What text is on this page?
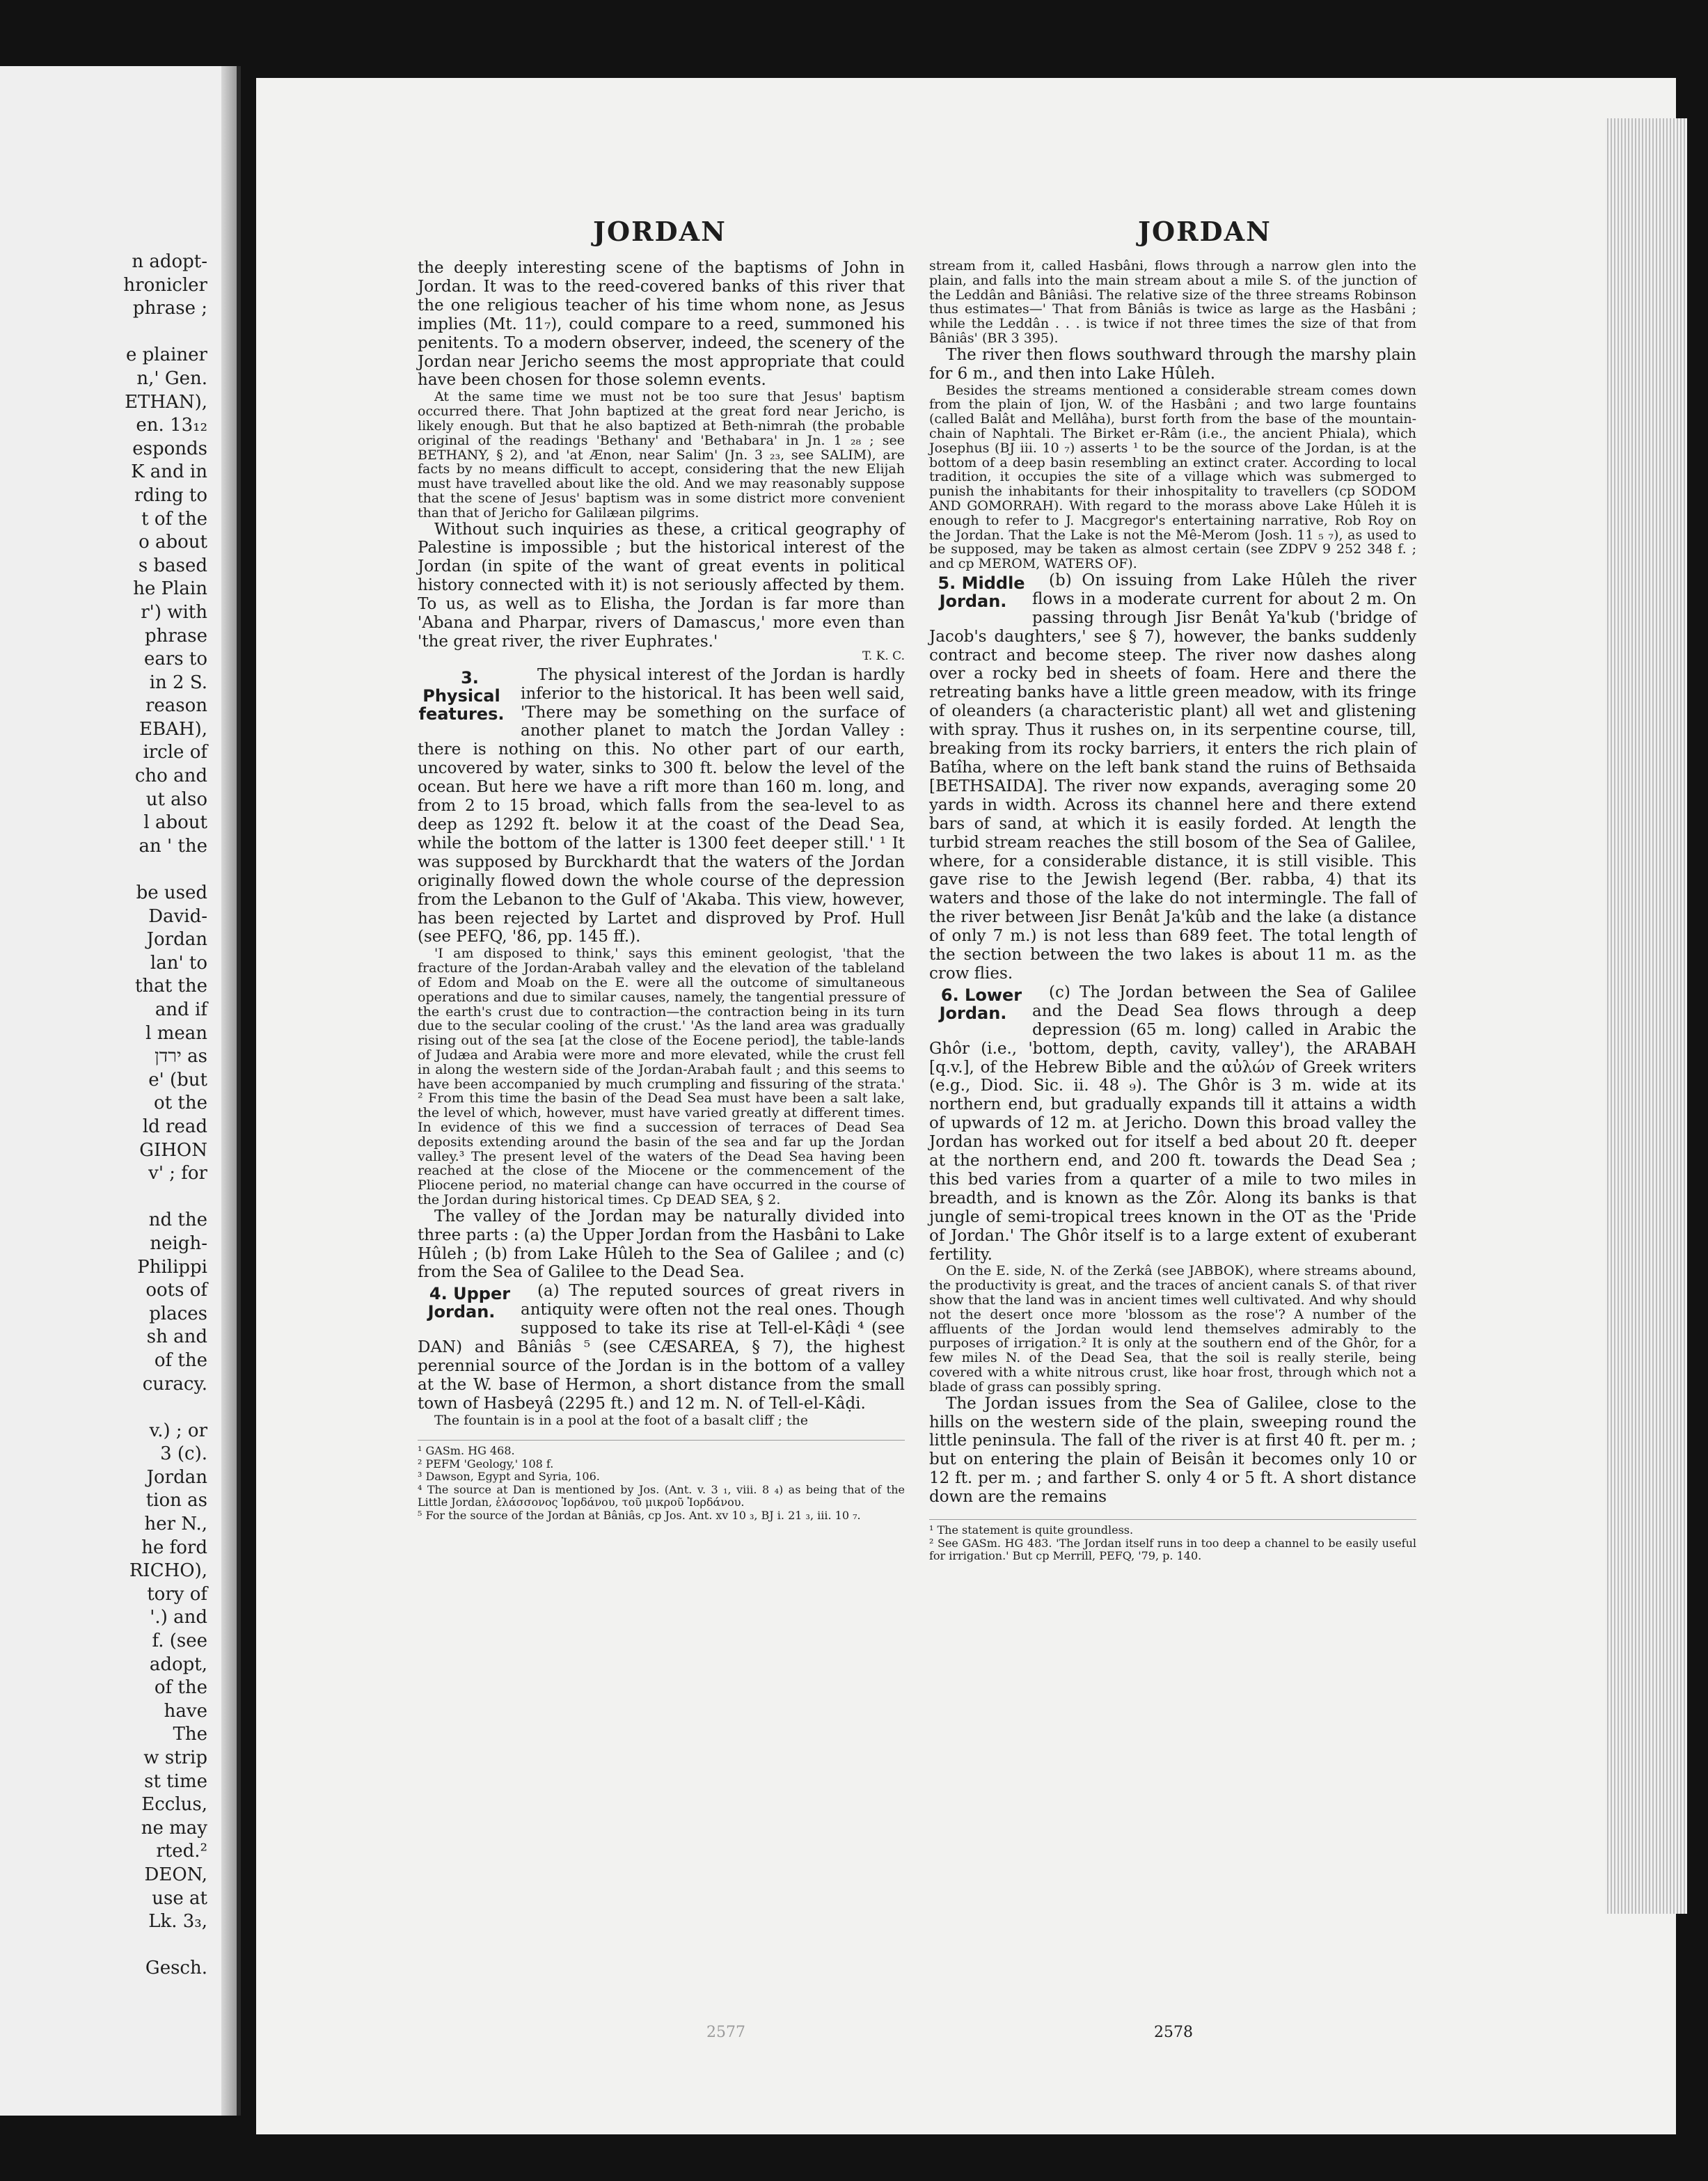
n adopt-
hronicler
phrase ;

e plainer
n,' Gen.
ETHAN),
en. 13₁₂
esponds
K and in
rding to
t of the
o about
s based
he Plain
r') with
phrase
ears to
in 2 S.
reason
EBAH),
ircle of
cho and
ut also
l about
an ' the

be used
David-
Jordan
lan' to
that the
and if
l mean
ירדן as
e' (but
ot the
ld read
GIHON
v' ; for

nd the
neigh-
Philippi
oots of
places
sh and
of the
curacy.

v.) ; or
3 (c).
Jordan
tion as
her N.,
he ford
RICHO),
tory of
'.) and
f. (see
adopt,
of the
have
The
w strip
st time
Ecclus,
ne may
rted.²
DEON,
use at
Lk. 3₃,

Gesch.
JORDAN	JORDAN

the deeply interesting scene of the baptisms of John in Jordan. It was to the reed-covered banks of this river that the one religious teacher of his time whom none, as Jesus implies (Mt. 11₇), could compare to a reed, summoned his penitents. To a modern observer, indeed, the scenery of the Jordan near Jericho seems the most appropriate that could have been chosen for those solemn events.

At the same time we must not be too sure that Jesus' baptism occurred there. That John baptized at the great ford near Jericho, is likely enough. But that he also baptized at Beth-nimrah (the probable original of the readings 'Bethany' and 'Bethabara' in Jn. 1 ₂₈ ; see BETHANY, § 2), and 'at Ænon, near Salim' (Jn. 3 ₂₃, see SALIM), are facts by no means difficult to accept, considering that the new Elijah must have travelled about like the old. And we may reasonably suppose that the scene of Jesus' baptism was in some district more convenient than that of Jericho for Galilæan pilgrims.

Without such inquiries as these, a critical geography of Palestine is impossible ; but the historical interest of the Jordan (in spite of the want of great events in political history connected with it) is not seriously affected by them. To us, as well as to Elisha, the Jordan is far more than 'Abana and Pharpar, rivers of Damascus,' more even than 'the great river, the river Euphrates.'

T. K. C.

3. Physical features.
The physical interest of the Jordan is hardly inferior to the historical. It has been well said, 'There may be something on the surface of another planet to match the Jordan Valley : there is nothing on this. No other part of our earth, uncovered by water, sinks to 300 ft. below the level of the ocean. But here we have a rift more than 160 m. long, and from 2 to 15 broad, which falls from the sea-level to as deep as 1292 ft. below it at the coast of the Dead Sea, while the bottom of the latter is 1300 feet deeper still.' ¹ It was supposed by Burckhardt that the waters of the Jordan originally flowed down the whole course of the depression from the Lebanon to the Gulf of 'Akaba. This view, however, has been rejected by Lartet and disproved by Prof. Hull (see PEFQ, '86, pp. 145 ff.).

'I am disposed to think,' says this eminent geologist, 'that the fracture of the Jordan-Arabah valley and the elevation of the tableland of Edom and Moab on the E. were all the outcome of simultaneous operations and due to similar causes, namely, the tangential pressure of the earth's crust due to contraction—the contraction being in its turn due to the secular cooling of the crust.' 'As the land area was gradually rising out of the sea [at the close of the Eocene period], the table-lands of Judæa and Arabia were more and more elevated, while the crust fell in along the western side of the Jordan-Arabah fault ; and this seems to have been accompanied by much crumpling and fissuring of the strata.' ² From this time the basin of the Dead Sea must have been a salt lake, the level of which, however, must have varied greatly at different times. In evidence of this we find a succession of terraces of Dead Sea deposits extending around the basin of the sea and far up the Jordan valley.³ The present level of the waters of the Dead Sea having been reached at the close of the Miocene or the commencement of the Pliocene period, no material change can have occurred in the course of the Jordan during historical times. Cp DEAD SEA, § 2.

The valley of the Jordan may be naturally divided into three parts : (a) the Upper Jordan from the Hasbâni to Lake Hûleh ; (b) from Lake Hûleh to the Sea of Galilee ; and (c) from the Sea of Galilee to the Dead Sea.

4. Upper Jordan.
(a) The reputed sources of great rivers in antiquity were often not the real ones. Though supposed to take its rise at Tell-el-Kâḍi ⁴ (see DAN) and Bâniâs ⁵ (see CÆSAREA, § 7), the highest perennial source of the Jordan is in the bottom of a valley at the W. base of Hermon, a short distance from the small town of Hasbeyâ (2295 ft.) and 12 m. N. of Tell-el-Kâḍi.

The fountain is in a pool at the foot of a basalt cliff ; the

¹ GASm. HG 468.

² PEFM 'Geology,' 108 f.

³ Dawson, Egypt and Syria, 106.

⁴ The source at Dan is mentioned by Jos. (Ant. v. 3 ₁, viii. 8 ₄) as being that of the Little Jordan, ἐλάσσονος Ἰορδάνου, τοῦ μικροῦ Ἰορδάνου.

⁵ For the source of the Jordan at Bâniâs, cp Jos. Ant. xv 10 ₃, BJ i. 21 ₃, iii. 10 ₇.

stream from it, called Hasbâni, flows through a narrow glen into the plain, and falls into the main stream about a mile S. of the junction of the Leddân and Bâniâsi. The relative size of the three streams Robinson thus estimates—' That from Bâniâs is twice as large as the Hasbâni ; while the Leddân . . . is twice if not three times the size of that from Bâniâs' (BR 3 395).

The river then flows southward through the marshy plain for 6 m., and then into Lake Hûleh.

Besides the streams mentioned a considerable stream comes down from the plain of Ijon, W. of the Hasbâni ; and two large fountains (called Balât and Mellâha), burst forth from the base of the mountain-chain of Naphtali. The Birket er-Râm (i.e., the ancient Phiala), which Josephus (BJ iii. 10 ₇) asserts ¹ to be the source of the Jordan, is at the bottom of a deep basin resembling an extinct crater. According to local tradition, it occupies the site of a village which was submerged to punish the inhabitants for their inhospitality to travellers (cp SODOM AND GOMORRAH). With regard to the morass above Lake Hûleh it is enough to refer to J. Macgregor's entertaining narrative, Rob Roy on the Jordan. That the Lake is not the Mê-Merom (Josh. 11 ₅ ₇), as used to be supposed, may be taken as almost certain (see ZDPV 9 252 348 f. ; and cp MEROM, WATERS OF).

5. Middle Jordan.
(b) On issuing from Lake Hûleh the river flows in a moderate current for about 2 m. On passing through Jisr Benât Ya'kub ('bridge of Jacob's daughters,' see § 7), however, the banks suddenly contract and become steep. The river now dashes along over a rocky bed in sheets of foam. Here and there the retreating banks have a little green meadow, with its fringe of oleanders (a characteristic plant) all wet and glistening with spray. Thus it rushes on, in its serpentine course, till, breaking from its rocky barriers, it enters the rich plain of Batîha, where on the left bank stand the ruins of Bethsaida [BETHSAIDA]. The river now expands, averaging some 20 yards in width. Across its channel here and there extend bars of sand, at which it is easily forded. At length the turbid stream reaches the still bosom of the Sea of Galilee, where, for a considerable distance, it is still visible. This gave rise to the Jewish legend (Ber. rabba, 4) that its waters and those of the lake do not intermingle. The fall of the river between Jisr Benât Ja'kûb and the lake (a distance of only 7 m.) is not less than 689 feet. The total length of the section between the two lakes is about 11 m. as the crow flies.

6. Lower Jordan.
(c) The Jordan between the Sea of Galilee and the Dead Sea flows through a deep depression (65 m. long) called in Arabic the Ghôr (i.e., 'bottom, depth, cavity, valley'), the ARABAH [q.v.], of the Hebrew Bible and the αὐλών of Greek writers (e.g., Diod. Sic. ii. 48 ₉). The Ghôr is 3 m. wide at its northern end, but gradually expands till it attains a width of upwards of 12 m. at Jericho. Down this broad valley the Jordan has worked out for itself a bed about 20 ft. deeper at the northern end, and 200 ft. towards the Dead Sea ; this bed varies from a quarter of a mile to two miles in breadth, and is known as the Zôr. Along its banks is that jungle of semi-tropical trees known in the OT as the 'Pride of Jordan.' The Ghôr itself is to a large extent of exuberant fertility.

On the E. side, N. of the Zerkâ (see JABBOK), where streams abound, the productivity is great, and the traces of ancient canals S. of that river show that the land was in ancient times well cultivated. And why should not the desert once more 'blossom as the rose'? A number of the affluents of the Jordan would lend themselves admirably to the purposes of irrigation.² It is only at the southern end of the Ghôr, for a few miles N. of the Dead Sea, that the soil is really sterile, being covered with a white nitrous crust, like hoar frost, through which not a blade of grass can possibly spring.

The Jordan issues from the Sea of Galilee, close to the hills on the western side of the plain, sweeping round the little peninsula. The fall of the river is at first 40 ft. per m. ; but on entering the plain of Beisân it becomes only 10 or 12 ft. per m. ; and farther S. only 4 or 5 ft. A short distance down are the remains

¹ The statement is quite groundless.

² See GASm. HG 483. 'The Jordan itself runs in too deep a channel to be easily useful for irrigation.' But cp Merrill, PEFQ, '79, p. 140.

2577	2578
